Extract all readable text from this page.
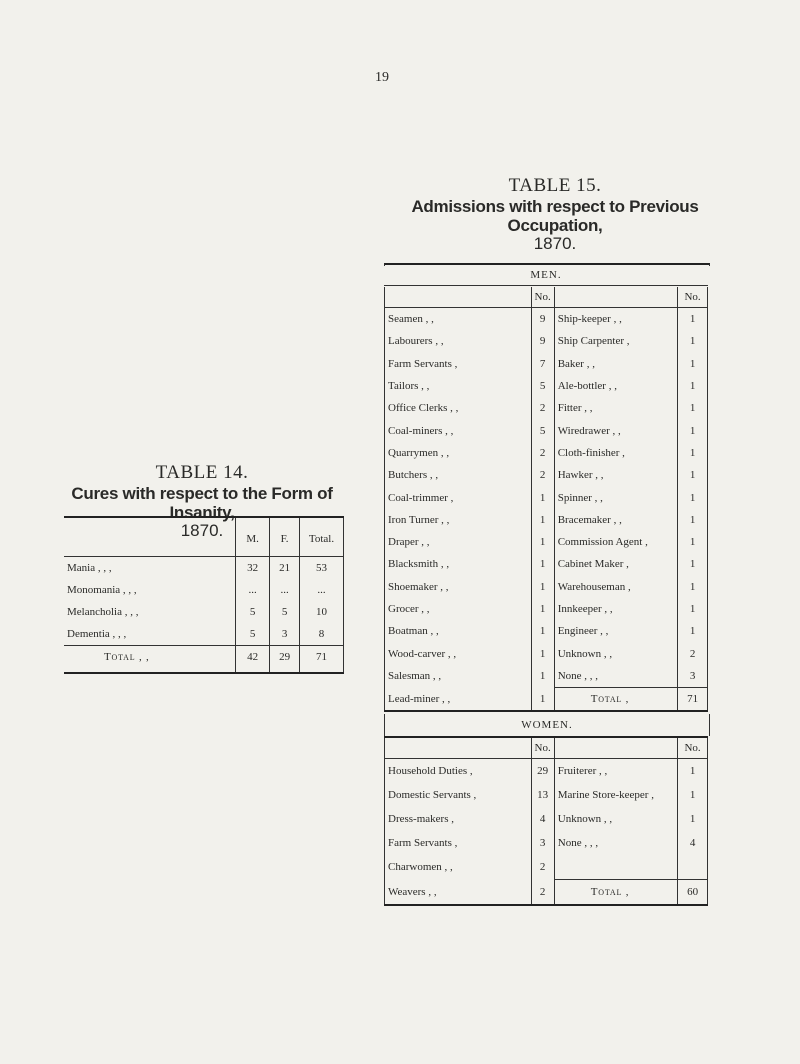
19
TABLE 14.
Cures with respect to the Form of Insanity,
1870.
		M.	F.	Total.
Mania , , ,	32	21	53
Monomania , , ,	...	...	...
Melancholia , , ,	5	5	10
Dementia , , ,	5	3	8
Total , ,	42	29	71
TABLE 15.
Admissions with respect to Previous Occupation,
1870.
MEN.
	No.		No.
Seamen , ,	9	Ship-keeper , ,	1
Labourers , ,	9	Ship Carpenter ,	1
Farm Servants ,	7	Baker , ,	1
Tailors , ,	5	Ale-bottler , ,	1
Office Clerks , ,	2	Fitter , ,	1
Coal-miners , ,	5	Wiredrawer , ,	1
Quarrymen , ,	2	Cloth-finisher ,	1
Butchers , ,	2	Hawker , ,	1
Coal-trimmer ,	1	Spinner , ,	1
Iron Turner , ,	1	Bracemaker , ,	1
Draper , ,	1	Commission Agent ,	1
Blacksmith , ,	1	Cabinet Maker ,	1
Shoemaker , ,	1	Warehouseman ,	1
Grocer , ,	1	Innkeeper , ,	1
Boatman , ,	1	Engineer , ,	1
Wood-carver , ,	1	Unknown , ,	2
Salesman , ,	1	None , , ,	3
Lead-miner , ,	1	Total ,	71
WOMEN.
	No.		No.
Household Duties ,	29	Fruiterer , ,	1
Domestic Servants ,	13	Marine Store-keeper ,	1
Dress-makers ,	4	Unknown , ,	1
Farm Servants ,	3	None , , ,	4
Charwomen , ,	2		
Weavers , ,	2	Total ,	60
